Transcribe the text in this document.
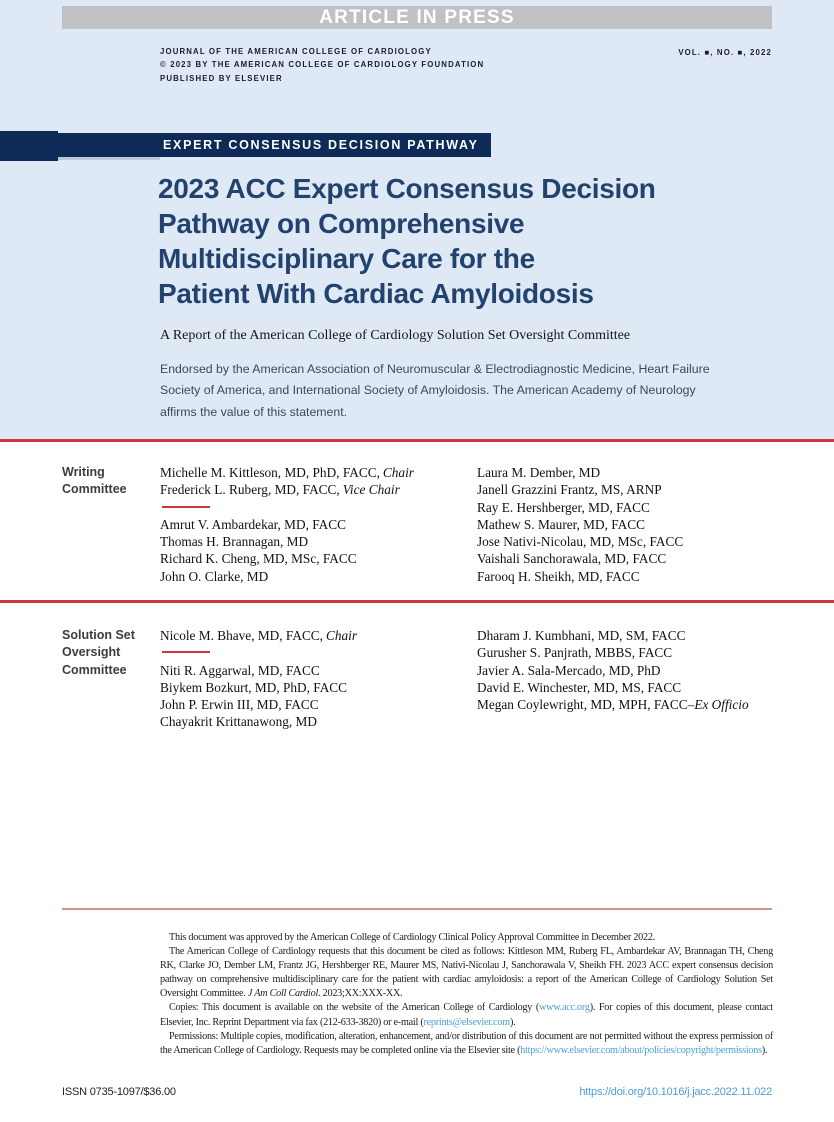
ARTICLE IN PRESS
JOURNAL OF THE AMERICAN COLLEGE OF CARDIOLOGY
© 2023 BY THE AMERICAN COLLEGE OF CARDIOLOGY FOUNDATION
PUBLISHED BY ELSEVIER
VOL. ■, NO. ■, 2022
EXPERT CONSENSUS DECISION PATHWAY
2023 ACC Expert Consensus Decision
Pathway on Comprehensive
Multidisciplinary Care for the
Patient With Cardiac Amyloidosis
A Report of the American College of Cardiology Solution Set Oversight Committee
Endorsed by the American Association of Neuromuscular & Electrodiagnostic Medicine, Heart Failure
Society of America, and International Society of Amyloidosis. The American Academy of Neurology
affirms the value of this statement.
Writing
Committee
Michelle M. Kittleson, MD, PhD, FACC, Chair
Frederick L. Ruberg, MD, FACC, Vice Chair
Amrut V. Ambardekar, MD, FACC
Thomas H. Brannagan, MD
Richard K. Cheng, MD, MSc, FACC
John O. Clarke, MD
Laura M. Dember, MD
Janell Grazzini Frantz, MS, ARNP
Ray E. Hershberger, MD, FACC
Mathew S. Maurer, MD, FACC
Jose Nativi-Nicolau, MD, MSc, FACC
Vaishali Sanchorawala, MD, FACC
Farooq H. Sheikh, MD, FACC
Solution Set
Oversight
Committee
Nicole M. Bhave, MD, FACC, Chair
Niti R. Aggarwal, MD, FACC
Biykem Bozkurt, MD, PhD, FACC
John P. Erwin III, MD, FACC
Chayakrit Krittanawong, MD
Dharam J. Kumbhani, MD, SM, FACC
Gurusher S. Panjrath, MBBS, FACC
Javier A. Sala-Mercado, MD, PhD
David E. Winchester, MD, MS, FACC
Megan Coylewright, MD, MPH, FACC–Ex Officio

This document was approved by the American College of Cardiology Clinical Policy Approval Committee in December 2022.

The American College of Cardiology requests that this document be cited as follows: Kittleson MM, Ruberg FL, Ambardekar AV, Brannagan TH, Cheng RK, Clarke JO, Dember LM, Frantz JG, Hershberger RE, Maurer MS, Nativi-Nicolau J, Sanchorawala V, Sheikh FH. 2023 ACC expert consensus decision pathway on comprehensive multidisciplinary care for the patient with cardiac amyloidosis: a report of the American College of Cardiology Solution Set Oversight Committee. J Am Coll Cardiol. 2023;XX:XXX-XX.

Copies: This document is available on the website of the American College of Cardiology (www.acc.org). For copies of this document, please contact Elsevier, Inc. Reprint Department via fax (212-633-3820) or e-mail (reprints@elsevier.com).

Permissions: Multiple copies, modification, alteration, enhancement, and/or distribution of this document are not permitted without the express permission of the American College of Cardiology. Requests may be completed online via the Elsevier site (https://www.elsevier.com/about/policies/copyright/permissions).

ISSN 0735-1097/$36.00	https://doi.org/10.1016/j.jacc.2022.11.022
